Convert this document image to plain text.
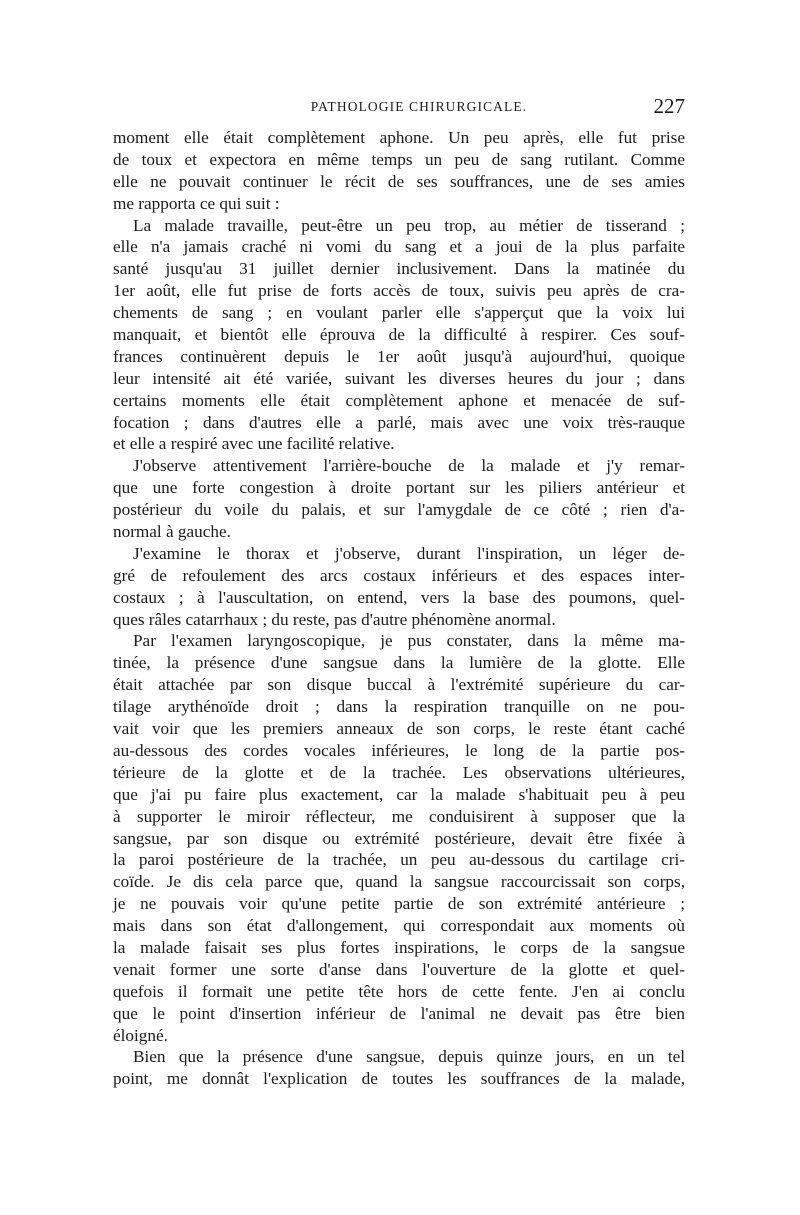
PATHOLOGIE CHIRURGICALE.	227
moment elle était complètement aphone. Un peu après, elle fut prise
de toux et expectora en même temps un peu de sang rutilant. Comme
elle ne pouvait continuer le récit de ses souffrances, une de ses amies
me rapporta ce qui suit :
La malade travaille, peut-être un peu trop, au métier de tisserand ;
elle n'a jamais craché ni vomi du sang et a joui de la plus parfaite
santé jusqu'au 31 juillet dernier inclusivement. Dans la matinée du
1er août, elle fut prise de forts accès de toux, suivis peu après de cra-
chements de sang ; en voulant parler elle s'apperçut que la voix lui
manquait, et bientôt elle éprouva de la difficulté à respirer. Ces souf-
frances continuèrent depuis le 1er août jusqu'à aujourd'hui, quoique
leur intensité ait été variée, suivant les diverses heures du jour ; dans
certains moments elle était complètement aphone et menacée de suf-
focation ; dans d'autres elle a parlé, mais avec une voix très-rauque
et elle a respiré avec une facilité relative.
J'observe attentivement l'arrière-bouche de la malade et j'y remar-
que une forte congestion à droite portant sur les piliers antérieur et
postérieur du voile du palais, et sur l'amygdale de ce côté ; rien d'a-
normal à gauche.
J'examine le thorax et j'observe, durant l'inspiration, un léger de-
gré de refoulement des arcs costaux inférieurs et des espaces inter-
costaux ; à l'auscultation, on entend, vers la base des poumons, quel-
ques râles catarrhaux ; du reste, pas d'autre phénomène anormal.
Par l'examen laryngoscopique, je pus constater, dans la même ma-
tinée, la présence d'une sangsue dans la lumière de la glotte. Elle
était attachée par son disque buccal à l'extrémité supérieure du car-
tilage arythénoïde droit ; dans la respiration tranquille on ne pou-
vait voir que les premiers anneaux de son corps, le reste étant caché
au-dessous des cordes vocales inférieures, le long de la partie pos-
térieure de la glotte et de la trachée. Les observations ultérieures,
que j'ai pu faire plus exactement, car la malade s'habituait peu à peu
à supporter le miroir réflecteur, me conduisirent à supposer que la
sangsue, par son disque ou extrémité postérieure, devait être fixée à
la paroi postérieure de la trachée, un peu au-dessous du cartilage cri-
coïde. Je dis cela parce que, quand la sangsue raccourcissait son corps,
je ne pouvais voir qu'une petite partie de son extrémité antérieure ;
mais dans son état d'allongement, qui correspondait aux moments où
la malade faisait ses plus fortes inspirations, le corps de la sangsue
venait former une sorte d'anse dans l'ouverture de la glotte et quel-
quefois il formait une petite tête hors de cette fente. J'en ai conclu
que le point d'insertion inférieur de l'animal ne devait pas être bien
éloigné.
Bien que la présence d'une sangsue, depuis quinze jours, en un tel
point, me donnât l'explication de toutes les souffrances de la malade,
